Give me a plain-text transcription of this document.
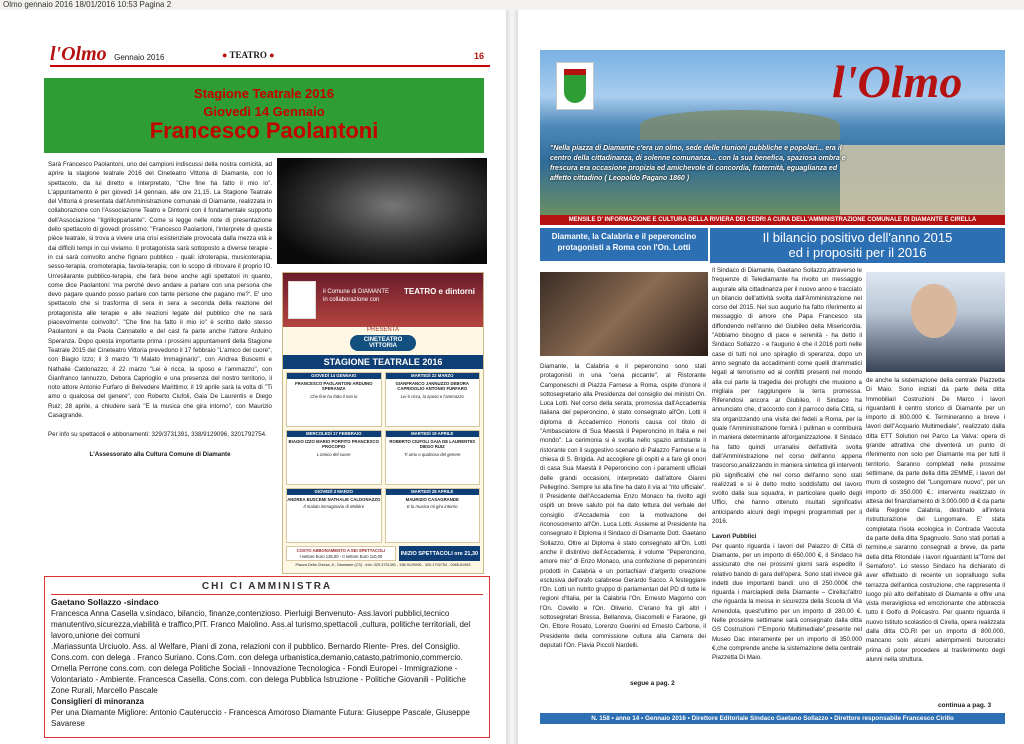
Olmo gennaio 2016 18/01/2016 10:53 Pagina 2
l'Olmo Gennaio 2016	● TEATRO ●	16
Stagione Teatrale 2016
Giovedì 14 Gennaio
Francesco Paolantoni

Sarà Francesco Paolantoni, uno dei campioni indiscussi della nostra comicità, ad aprire la stagione teatrale 2016 del Cineteatro Vittoria di Diamante, con lo spettacolo, da lui diretto e interpretato, "Che fine ha fatto il mio io". L'appuntamento è per giovedì 14 gennaio, alle ore 21,15. La Stagione Teatrale del Vittoria è presentata dall'Amministrazione comunale di Diamante, realizzata in collaborazione con l'Associazione Teatro e Dintorni con il fondamentale supporto dell'Associazione "Ilgrillopparlante". Come si legge nelle note di presentazione dello spettacolo di giovedì prossimo: "Francesco Paolantoni, l'interprete di questa pièce teatrale, si trova a vivere una crisi esistenziale provocata dalla mezza età e dai difficili tempi in cui viviamo. Il protagonista sarà sottoposto a diverse terapie - in cui sarà coinvolto anche l'ignaro pubblico - quali: idroterapia, musicoterapia, sesso-terapia, cromoterapia, favola-terapia; con lo scopo di ritrovare il proprio IO. Un'esilarante pubblico-terapia, che farà bene anche agli spettatori in quanto, come dice Paolantoni: 'ma perché devo andare a parlare con una persona che devo pagare quando posso parlare con tante persone che pagano me?'. E' uno spettacolo che si trasforma di sera in sera a seconda della reazione del protagonista alle terapie e alle reazioni legate del pubblico che ne sarà piacevolmente coinvolto". "Che fine ha fatto il mio io" è scritto dallo stesso Paolantoni e da Paola Cannatello e del cast fa parte anche l'attore Arduino Speranza. Dopo questa importante prima i prossimi appuntamenti della Stagione Teatrale 2015 del Cineteatro Vittoria prevedono il 17 febbraio "L'amico del cuore", con Biagio Izzo; il 3 marzo "Il Malato Immaginario", con Andrea Buscemi e Nathalie Caldonazzo; il 22 marzo "Lei è ricca, la sposo e l'ammazzo", con Gianfranco Iannuzzo, Debora Caprioglio e una presenza del nostro territorio, il noto attore Antonio Furfaro di Belvedere Marittimo; il 19 aprile sarà la volta di "Ti amo o qualcosa del genere", con Roberto Ciufoli, Gaia De Laurentis e Diego Ruiz; 28 aprile, a chiudere sarà "E la musica che gira intorno", con Maurizio Casagrande.

Per info su spettacoli e abbonamenti: 329/3731391, 338/9129096, 3201792754.

L'Assessorato alla Cultura Comune di Diamante

il Comune di DIAMANTE
in collaborazione con
TEATRO e dintorni
PRESENTA
CINETEATRO VITTORIA
STAGIONE TEATRALE 2016
GIOVEDÌ 14 GENNAIO
FRANCESCO PAOLANTONI ARDUINO SPERANZA
Che fine ha fatto il mio io
MARTEDÌ 22 MARZO
GIANFRANCO JANNUZZO DEBORA CAPRIOGLIO ANTONIO FURFARO
Lei è ricca, la sposo e l'ammazzo
MERCOLEDÌ 17 FEBBRAIO
BIAGIO IZZO MARIO PORFITO FRANCESCO PROCOPIO
L'amico del cuore
MARTEDÌ 19 APRILE
ROBERTO CIUFOLI GAIA DE LAURENTIIS DIEGO RUIZ
Ti amo o qualcosa del genere
GIOVEDÌ 3 MARZO
ANDREA BUSCEMI NATHALIE CALDONAZZO
Il malato immaginario di Molière
MARTEDÌ 28 APRILE
MAURIZIO CASAGRANDE
E la musica mi gira intorno
COSTO ABBONAMENTO A SEI SPETTACOLI
I settore Euro 135,00 - II settore Euro 110,00	INIZIO SPETTACOLI ore 21,30
Piazza Della Chiesa, 8 - Diamante (CS) - info: 329.3731391 - 338.9129096 - 320.1792754 - 0985.81083
CHI CI AMMINISTRA
Gaetano Sollazzo -sindaco
Francesca Anna Casella v.sindaco, bilancio, finanze,contenzioso. Pierluigi Benvenuto- Ass.lavori pubblici,tecnico manutentivo,sicurezza,viabilità e traffico,PIT. Franco Maiolino. Ass.al turismo,spettacoli ,cultura, politiche territoriali, del lavoro,unione dei comuni
.Mariassunta Urciuolo. Ass. al Welfare, Piani di zona, relazioni con il pubblico. Bernardo Riente- Pres. del Consiglio.
Cons.com. con delega . Franco Suriano. Cons.Com. con delega urbanistica,demanio,catasto,patrimonio,commercio.
Ornella Perrone cons.com. con delega Politiche Sociali - Innovazione Tecnologica - Fondi Europei - Immigrazione - Volontariato - Ambiente. Francesca Casella. Cons.com. con delega Pubblica Istruzione - Politiche Giovanili - Politiche Zone Rurali, Marcello Pascale
Consiglieri di minoranza
Per una Diamante Migliore: Antonio Cauteruccio - Francesca Amoroso Diamante Futura: Giuseppe Pascale, Giuseppe Savarese
l'Olmo
"Nella piazza di Diamante c'era un olmo, sede delle riunioni pubbliche e popolari... era il centro della cittadinanza, di solenne comunanza... con la sua benefica, spaziosa ombra e frescura era occasione propizia ed amichevole di concordia, fraternità, eguaglianza ed affetto cittadino ( Leopoldo Pagano 1860 )
MENSILE D' INFORMAZIONE E CULTURA DELLA RIVIERA DEI CEDRI A CURA DELL'AMMINISTRAZIONE COMUNALE DI DIAMANTE E CIRELLA
Diamante, la Calabria e il peperoncino protagonisti a Roma con l'On. Lotti
Il bilancio positivo dell'anno 2015
ed i propositi per il 2016

Diamante, la Calabria e il peperoncino sono stati protagonisti in una "cena piccante", al Ristorante Camponeschi di Piazza Farnese a Roma, ospite d'onore il sottosegretario alla Presidenza del consiglio dei ministri On. Luca Lotti. Nel corso della serata, promossa dall'Accademia italiana del peperoncino, è stato consegnato all'On. Lotti il diploma di Accademico Honoris causa col titolo di "Ambasciatore di Sua Maestà il Peperoncino in Italia e nel mondo". La cerimonia si è svolta nello spazio antistante il ristorante con il suggestivo scenario di Palazzo Farnese e la chiesa di S. Brigida. Ad accogliere gli ospiti e a fare gli onori di casa Sua Maestà il Peperoncino con i paramenti ufficiali delle grandi occasioni, interpretato dall'attore Gianni Pellegrino. Sempre lui alla fine ha dato il via al "rito ufficiale". Il Presidente dell'Accademia Enzo Monaco ha rivolto agli ospiti un breve saluto poi ha dato lettura del verbale del consiglio d'Accademia con la motivazione del riconoscimento all'On. Luca Lotti. Assieme al Presidente ha consegnato il Diploma il Sindaco di Diamante Dott. Gaetano Sollazzo. Oltre al Diploma è stato consegnato all'On. Lotti anche il distintivo dell'Accademia, il volume "Peperoncino, amore mio" di Enzo Monaco, una confezione di peperoncini prodotti in Calabria e un portachiavi d'argento creazione esclusiva dell'orafo calabrese Gerardo Sacco. A festeggiare l'On. Lotti un nutrito gruppo di parlamentari del PD di tutte le regioni d'Italia, per la Calabria l'On. Ernesto Magorno con l'On. Covello e l'On. Oliverio. C'erano fra gli altri i sottosegretari Bressa, Bellanova, Giacomelli e Faraone, gli On. Ettore Rosato, Lorenzo Guerini ed Ernesto Carbone, il Presidente della commissione cultura alla Camera dei deputati l'On. Flavia Piccoli Nardelli.

segue a pag. 2

Il Sindaco di Diamante, Gaetano Sollazzo,attraverso le frequenze di Telediamante ha rivolto un messaggio augurale alla cittadinanza per il nuovo anno e tracciato un bilancio dell'attività svolta dall'Amministrazione nel corso del 2015. Nel suo augurio ha fatto riferimento al messaggio di amore che Papa Francesco sta diffondendo nell'anno del Giubileo della Misericordia. "Abbiamo bisogno di pace e serenità - ha detto il Sindaco Sollazzo - e l'augurio è che il 2016 porti nelle case di tutti noi uno spiraglio di speranza, dopo un anno segnato da accadimenti come quelli drammatici legati al terrorismo ed ai conflitti presenti nel mondo alla cui parte la tragedia dei profughi che muoiono a migliaia per raggiungere la terra promessa. Riferendosi ancora al Giubileo, il Sindaco ha annunciato che, d'accordo con il parroco della Città, si sta organizzando una visita dei fedeli a Roma, per la quale l'Amministrazione fornirà i pullman e contribuirà in maniera determinante all'organizzazione. Il Sindaco ha fatto quindi un'analisi dell'attività svolta dall'Amministrazione nel corso dell'anno appena trascorso,analizzando in maniera sintetica gli interventi più significativi che nel corso dell'anno sono stati realizzati e si è detto molto soddisfatto del lavoro svolto dalla sua squadra, in particolare quello degli Uffici, che hanno ottenuto risultati significativi anticipando alcuni degli impegni programmati per il 2016.

Lavori Pubblici

Per quanto riguarda i lavori del Palazzo di Città di Diamante, per un importo di 650.000 €, il Sindaco ha assicurato che nei prossimi giorni sarà espedito il relativo bando di gara dell'opera. Sono stati invece già indetti due importanti bandi: uno di 250.000€ che riguarda i marciapiedi della Diamante – Cirella;l'altro che riguarda la messa in sicurezza della Scuola di Via Amendola, quest'ultimo per un importo di 280.00 €. Nelle prossime settimane sarà consegnato dalla ditta GS Costruzioni l'"Emporio Multimediale",presente nel Museo Dac interamente per un importo di 350.000 €,che comprende anche la sistemazione della centrale Piazzetta Di Maio.

de anche la sistemazione della centrale Piazzetta Di Maio. Sono iniziati da parte della ditta Immobiliari Costruzioni De Marco i lavori riguardanti il centro storico di Diamante per un importo di 800.000 €. Termineranno a breve i lavori dell"Acquario Multimediale", realizzato dalla ditta ETT Solution nel Parco La Valva: opera di grande attrattiva che diventerà un punto di riferimento non solo per Diamante ma per tutti il territorio. Saranno completati nelle prossime settimane, da parte della ditta 2EMME, i lavori del muro di sostegno del "Lungomare nuovo", per un importo di 350.000 €.: intervento realizzato in attesa del finanziamento di 3.000.000 di € da parte della Regione Calabria, destinato all'intera ristrutturazione del Lungomare. E' stata completata l'isola ecologica in Contrada Vaccuta da parte della ditta Spagnuolo. Sono stati portati a termine,e saranno consegnati a breve, da parte della ditta Ritondale i lavori riguardanti la"Torre del Semaforo". Lo stesso Sindaco ha dichiarato di aver effettuato di recente un sopralluogo sulla terrazza dell'antica costruzione, che rappresenta il luogo più alto dell'abitato di Diamante e offre una vista meravigliosa ed emozionante che abbraccia tutto il Golfo di Policastro. Per quanto riguarda il nuovo Istituto scolastico di Cirella, opera realizzata dalla ditta CO.RI per un importo di 800.000, mancano solo alcuni adempimenti burocratici prima di poter procedere al trasferimento degli alunni nella struttura.

continua a pag. 3
N. 158 • anno 14 • Gennaio 2016 • Direttore Editoriale Sindaco Gaetano Sollazzo • Direttore responsabile Francesco Cirillo
